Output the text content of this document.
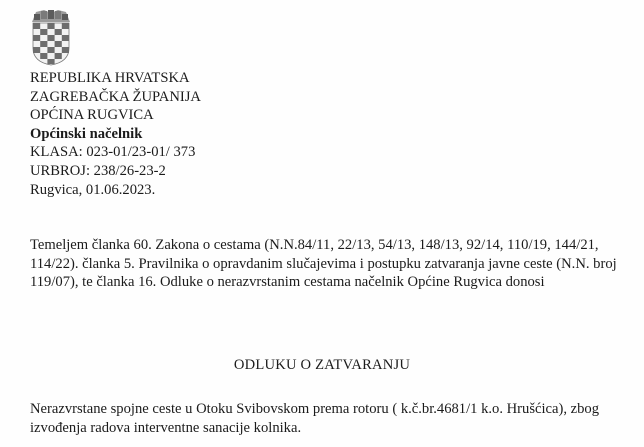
REPUBLIKA HRVATSKA
ZAGREBAČKA ŽUPANIJA
OPĆINA RUGVICA
Općinski načelnik
KLASA: 023-01/23-01/ 373
URBROJ: 238/26-23-2
Rugvica, 01.06.2023.
Temeljem članka 60. Zakona o cestama (N.N.84/11, 22/13, 54/13, 148/13, 92/14, 110/19, 144/21, 114/22). članka 5. Pravilnika o opravdanim slučajevima i postupku zatvaranja javne ceste (N.N. broj 119/07), te članka 16. Odluke o nerazvrstanim cestama načelnik Općine Rugvica donosi
ODLUKU O ZATVARANJU
Nerazvrstane spojne ceste u Otoku Svibovskom prema rotoru ( k.č.br.4681/1 k.o. Hrušćica), zbog izvođenja radova interventne sanacije kolnika.
